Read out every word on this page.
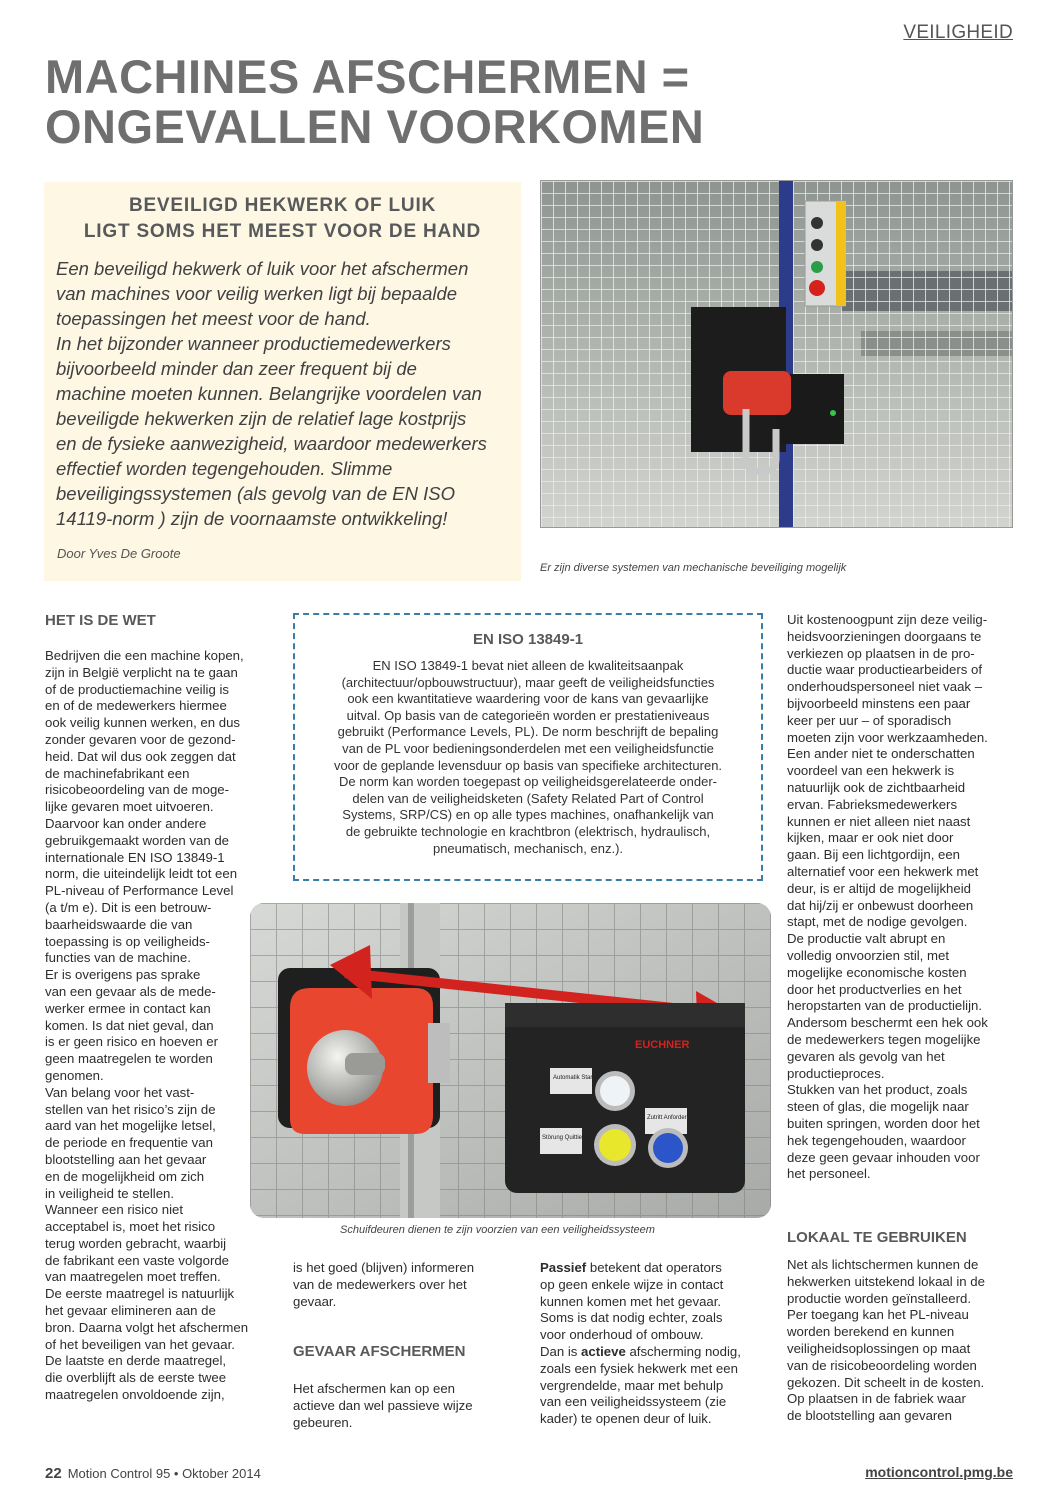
VEILIGHEID
MACHINES AFSCHERMEN =
ONGEVALLEN VOORKOMEN
BEVEILIGD HEKWERK OF LUIK
LIGT SOMS HET MEEST VOOR DE HAND
Een beveiligd hekwerk of luik voor het afschermen
van machines voor veilig werken ligt bij bepaalde
toepassingen het meest voor de hand.
In het bijzonder wanneer productiemedewerkers
bijvoorbeeld minder dan zeer frequent bij de
machine moeten kunnen. Belangrijke voordelen van
beveiligde hekwerken zijn de relatief lage kostprijs
en de fysieke aanwezigheid, waardoor medewerkers
effectief worden tegengehouden. Slimme
beveiligingssystemen (als gevolg van de EN ISO
14119-norm ) zijn de voornaamste ontwikkeling!
Door Yves De Groote
Er zijn diverse systemen van mechanische beveiliging mogelijk
HET IS DE WET
Bedrijven die een machine kopen,
zijn in België verplicht na te gaan
of de productiemachine veilig is
en of de medewerkers hiermee
ook veilig kunnen werken, en dus
zonder gevaren voor de gezond-
heid. Dat wil dus ook zeggen dat
de machinefabrikant een
risicobeoordeling van de moge-
lijke gevaren moet uitvoeren.
Daarvoor kan onder andere
gebruikgemaakt worden van de
internationale EN ISO 13849-1
norm, die uiteindelijk leidt tot een
PL-niveau of Performance Level
(a t/m e). Dit is een betrouw-
baarheidswaarde die van
toepassing is op veiligheids-
functies van de machine.
Er is overigens pas sprake
van een gevaar als de mede-
werker ermee in contact kan
komen. Is dat niet geval, dan
is er geen risico en hoeven er
geen maatregelen te worden
genomen.
Van belang voor het vast-
stellen van het risico’s zijn de
aard van het mogelijke letsel,
de periode en frequentie van
blootstelling aan het gevaar
en de mogelijkheid om zich
in veiligheid te stellen.
Wanneer een risico niet
acceptabel is, moet het risico
terug worden gebracht, waarbij
de fabrikant een vaste volgorde
van maatregelen moet treffen.
De eerste maatregel is natuurlijk
het gevaar elimineren aan de
bron. Daarna volgt het afschermen
of het beveiligen van het gevaar.
De laatste en derde maatregel,
die overblijft als de eerste twee
maatregelen onvoldoende zijn,
EN ISO 13849-1
EN ISO 13849-1 bevat niet alleen de kwaliteitsaanpak
(architectuur/opbouwstructuur), maar geeft de veiligheidsfuncties
ook een kwantitatieve waardering voor de kans van gevaarlijke
uitval. Op basis van de categorieën worden er prestatieniveaus
gebruikt (Performance Levels, PL). De norm beschrijft de bepaling
van de PL voor bedieningsonderdelen met een veiligheidsfunctie
voor de geplande levensduur op basis van specifieke architecturen.
De norm kan worden toegepast op veiligheidsgerelateerde onder-
delen van de veiligheidsketen (Safety Related Part of Control
Systems, SRP/CS) en op alle types machines, onafhankelijk van
de gebruikte technologie en krachtbron (elektrisch, hydraulisch,
pneumatisch, mechanisch, enz.).
EUCHNER
Automatik Start
Zutritt Anfordern
Störung Quittieren
Schuifdeuren dienen te zijn voorzien van een veiligheidssysteem
is het goed (blijven) informeren
van de medewerkers over het
gevaar.
GEVAAR AFSCHERMEN
Het afschermen kan op een
actieve dan wel passieve wijze
gebeuren.
Passief betekent dat operators
op geen enkele wijze in contact
kunnen komen met het gevaar.
Soms is dat nodig echter, zoals
voor onderhoud of ombouw.
Dan is actieve afscherming nodig,
zoals een fysiek hekwerk met een
vergrendelde, maar met behulp
van een veiligheidssysteem (zie
kader) te openen deur of luik.
Uit kostenoogpunt zijn deze veilig-
heidsvoorzieningen doorgaans te
verkiezen op plaatsen in de pro-
ductie waar productiearbeiders of
onderhoudspersoneel niet vaak –
bijvoorbeeld minstens een paar
keer per uur – of sporadisch
moeten zijn voor werkzaamheden.
Een ander niet te onderschatten
voordeel van een hekwerk is
natuurlijk ook de zichtbaarheid
ervan. Fabrieksmedewerkers
kunnen er niet alleen niet naast
kijken, maar er ook niet door
gaan. Bij een lichtgordijn, een
alternatief voor een hekwerk met
deur, is er altijd de mogelijkheid
dat hij/zij er onbewust doorheen
stapt, met de nodige gevolgen.
De productie valt abrupt en
volledig onvoorzien stil, met
mogelijke economische kosten
door het productverlies en het
heropstarten van de productielijn.
Andersom beschermt een hek ook
de medewerkers tegen mogelijke
gevaren als gevolg van het
productieproces.
Stukken van het product, zoals
steen of glas, die mogelijk naar
buiten springen, worden door het
hek tegengehouden, waardoor
deze geen gevaar inhouden voor
het personeel.
LOKAAL TE GEBRUIKEN
Net als lichtschermen kunnen de
hekwerken uitstekend lokaal in de
productie worden geïnstalleerd.
Per toegang kan het PL-niveau
worden berekend en kunnen
veiligheidsoplossingen op maat
van de risicobeoordeling worden
gekozen. Dit scheelt in de kosten.
Op plaatsen in de fabriek waar
de blootstelling aan gevaren
22 Motion Control 95 • Oktober 2014	motioncontrol.pmg.be
